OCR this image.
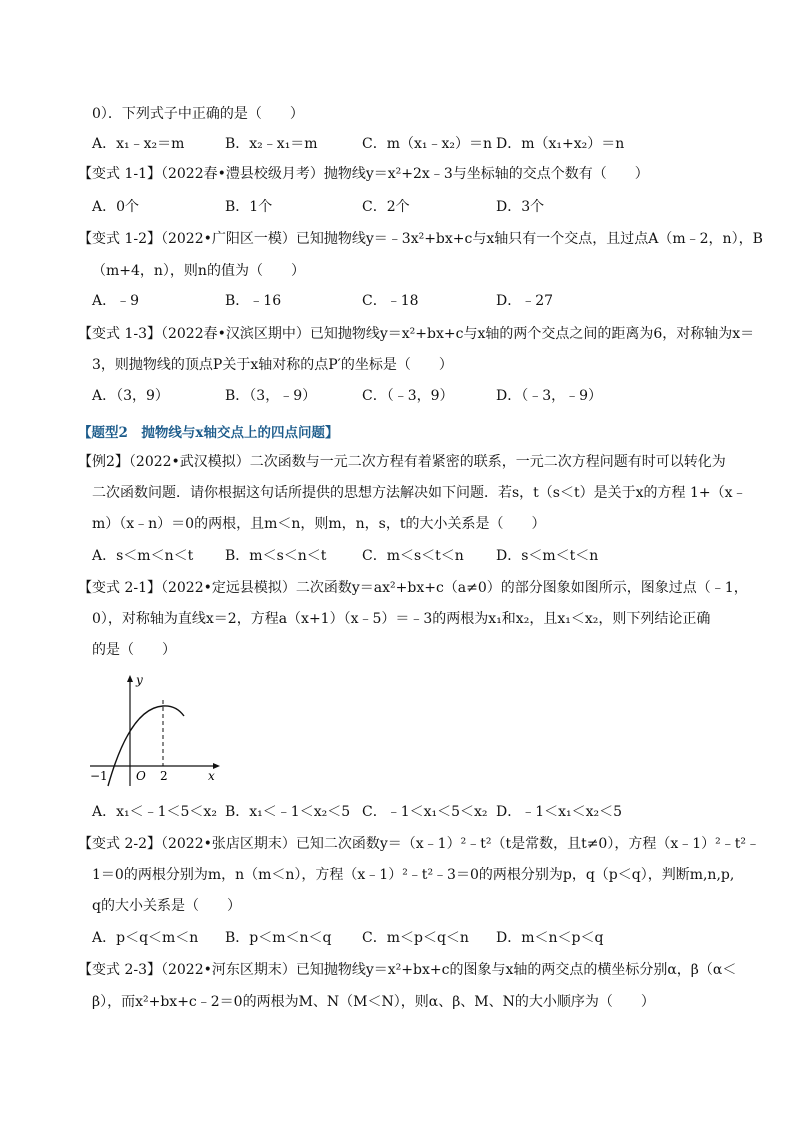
0）．下列式子中正确的是（　　）
A．x₁﹣x₂＝m	B．x₂﹣x₁＝m	C．m（x₁﹣x₂）＝n D．m（x₁+x₂）＝n
【变式 1-1】（2022春•澧县校级月考）抛物线y＝x²+2x﹣3与坐标轴的交点个数有（　　）
A．0个	B．1个	C．2个	D．3个
【变式 1-2】（2022•广阳区一模）已知抛物线y＝﹣3x²+bx+c与x轴只有一个交点，且过点A（m﹣2，n），B
（m+4，n），则n的值为（　　）
A．﹣9	B．﹣16	C．﹣18	D．﹣27
【变式 1-3】（2022春•汉滨区期中）已知抛物线y＝x²+bx+c与x轴的两个交点之间的距离为6，对称轴为x＝
3，则抛物线的顶点P关于x轴对称的点P′的坐标是（　　）
A．（3，9）	B．（3，﹣9）	C．（﹣3，9）	D．（﹣3，﹣9）
【题型2　抛物线与x轴交点上的四点问题】
【例2】（2022•武汉模拟）二次函数与一元二次方程有着紧密的联系，一元二次方程问题有时可以转化为
二次函数问题．请你根据这句话所提供的思想方法解决如下问题．若s，t（s＜t）是关于x的方程 1+（x﹣
m）（x﹣n）＝0的两根，且m＜n，则m，n，s，t的大小关系是（　　）
A．s＜m＜n＜t B．m＜s＜n＜t	C．m＜s＜t＜n D．s＜m＜t＜n
【变式 2-1】（2022•定远县模拟）二次函数y＝ax²+bx+c（a≠0）的部分图象如图所示，图象过点（﹣1，
0），对称轴为直线x＝2，方程a（x+1）（x﹣5）＝﹣3的两根为x₁和x₂，且x₁＜x₂，则下列结论正确
的是（　　）
y
x
O
−1	2
A．x₁＜﹣1＜5＜x₂ B．x₁＜﹣1＜x₂＜5 C．﹣1＜x₁＜5＜x₂ D．﹣1＜x₁＜x₂＜5
【变式 2-2】（2022•张店区期末）已知二次函数y＝（x﹣1）²﹣t²（t是常数，且t≠0），方程（x﹣1）²﹣t²﹣
1＝0的两根分别为m，n（m＜n），方程（x﹣1）²﹣t²﹣3＝0的两根分别为p，q（p＜q），判断m,n,p,
q的大小关系是（　　）
A．p＜q＜m＜n B．p＜m＜n＜q C．m＜p＜q＜n D．m＜n＜p＜q
【变式 2-3】（2022•河东区期末）已知抛物线y＝x²+bx+c的图象与x轴的两交点的横坐标分别α，β（α＜
β），而x²+bx+c﹣2＝0的两根为M、N（M＜N），则α、β、M、N的大小顺序为（　　）
